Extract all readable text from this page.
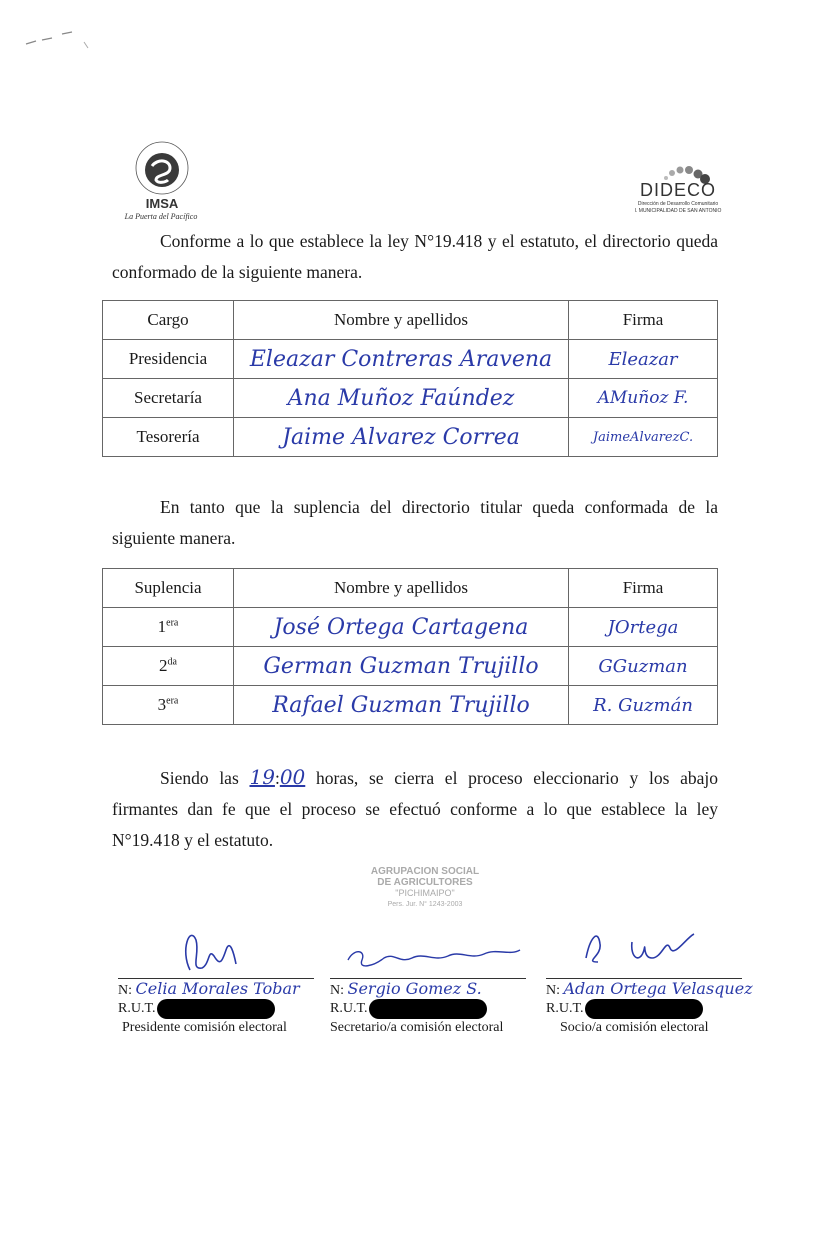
IMSA
La Puerta del Pacífico
DIDECO
Dirección de Desarrollo Comunitario
I. MUNICIPALIDAD DE SAN ANTONIO

Conforme a lo que establece la ley N°19.418 y el estatuto, el directorio queda conformado de la siguiente manera.

Cargo	Nombre y apellidos	Firma
Presidencia	Eleazar Contreras Aravena	Eleazar
Secretaría	Ana Muñoz Faúndez	AMuñoz F.
Tesorería	Jaime Alvarez Correa	JaimeAlvarezC.

En tanto que la suplencia del directorio titular queda conformada de la siguiente manera.

Suplencia	Nombre y apellidos	Firma
$1^{era}$	José Ortega Cartagena	JOrtega
$2^{da}$	German Guzman Trujillo	GGuzman
$3^{era}$	Rafael Guzman Trujillo	R. Guzmán

Siendo las 19:00 horas, se cierra el proceso eleccionario y los abajo firmantes dan fe que el proceso se efectuó conforme a lo que establece la ley N°19.418 y el estatuto.

AGRUPACION SOCIAL
DE AGRICULTORES
"PICHIMAIPO"
Pers. Jur. N° 1243-2003
N: Celia Morales Tobar
R.U.T.
Presidente comisión electoral
N: Sergio Gomez S.
R.U.T.
Secretario/a comisión electoral
N: Adan Ortega Velasquez
R.U.T.
Socio/a comisión electoral
